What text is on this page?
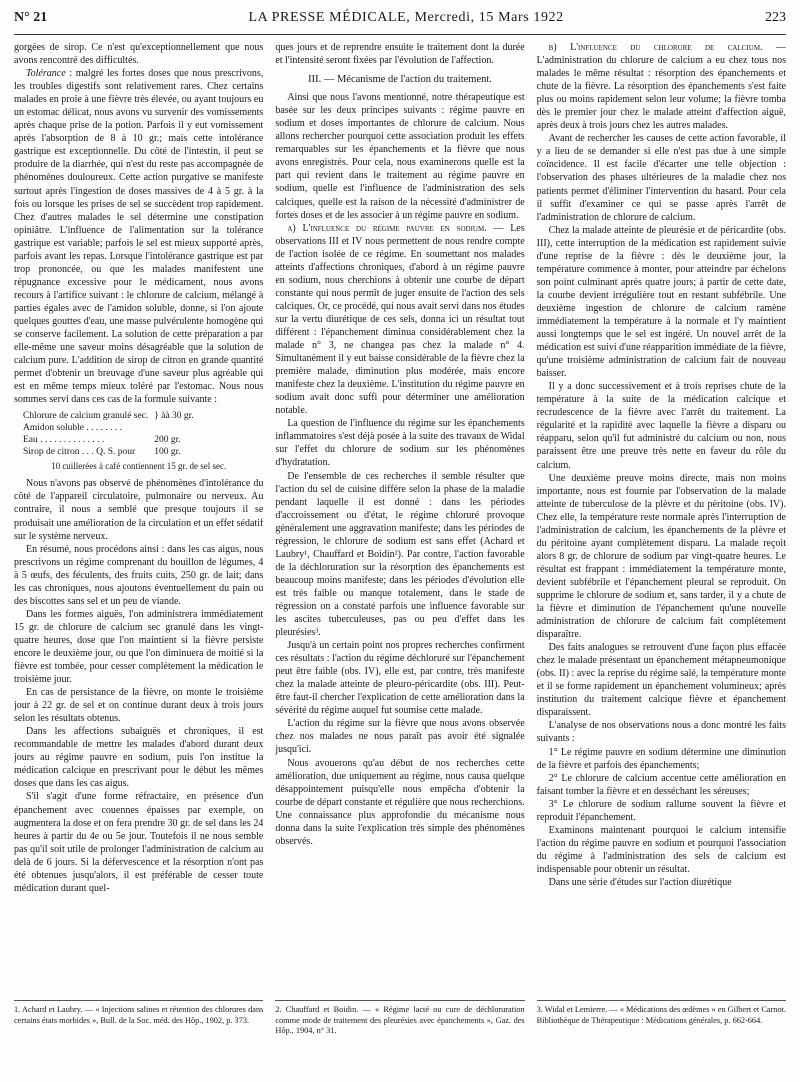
N° 21	LA PRESSE MÉDICALE, Mercredi, 15 Mars 1922	223

gorgées de sirop. Ce n'est qu'exceptionnellement que nous avons rencontré des difficultés.

Tolérance : malgré les fortes doses que nous prescrivons, les troubles digestifs sont relativement rares. Chez certains malades en proie à une fièvre très élevée, ou ayant toujours eu un estomac délicat, nous avons vu survenir des vomissements après chaque prise de la potion. Parfois il y eut vomissement après l'absorption de 8 à 10 gr.; mais cette intolérance gastrique est exceptionnelle. Du côté de l'intestin, il peut se produire de la diarrhée, qui n'est du reste pas accompagnée de phénomènes douloureux. Cette action purgative se manifeste surtout après l'ingestion de doses massives de 4 à 5 gr. à la fois ou lorsque les prises de sel se succèdent trop rapidement. Chez d'autres malades le sel détermine une constipation opiniâtre. L'influence de l'alimentation sur la tolérance gastrique est variable; parfois le sel est mieux supporté après, parfois avant les repas. Lorsque l'intolérance gastrique est par trop prononcée, ou que les malades manifestent une répugnance excessive pour le médicament, nous avons recours à l'artifice suivant : le chlorure de calcium, mélangé à parties égales avec de l'amidon soluble, donne, si l'on ajoute quelques gouttes d'eau, une masse pulvérulente homogène qui se conserve facilement. La solution de cette préparation a par elle-même une saveur moins désagréable que la solution de calcium pure. L'addition de sirop de citron en grande quantité permet d'obtenir un breuvage d'une saveur plus agréable qui est en même temps mieux toléré par l'estomac. Nous nous sommes servi dans ces cas de la formule suivante :

Chlorure de calcium granulé sec.	} àà 30 gr.
Amidon soluble . . . . . . . .	
Eau . . . . . . . . . . . . . .	200 gr.
Sirop de citron . . . Q. S. pour	100 gr.
10 cuillerées à café contiennent 15 gr. de sel sec.

Nous n'avons pas observé de phénomènes d'intolérance du côté de l'appareil circulatoire, pulmonaire ou nerveux. Au contraire, il nous a semblé que presque toujours il se produisait une amélioration de la circulation et un effet sédatif sur le système nerveux.

En résumé, nous procédons ainsi : dans les cas aigus, nous prescrivons un régime comprenant du bouillon de légumes, 4 à 5 œufs, des féculents, des fruits cuits, 250 gr. de lait; dans les cas chroniques, nous ajoutons éventuellement du pain ou des biscottes sans sel et un peu de viande.

Dans les formes aiguës, l'on administrera immédiatement 15 gr. de chlorure de calcium sec granulé dans les vingt-quatre heures, dose que l'on maintient si la fièvre persiste encore le deuxième jour, ou que l'on diminuera de moitié si la fièvre est tombée, pour cesser complètement la médication le troisième jour.

En cas de persistance de la fièvre, on monte le troisième jour à 22 gr. de sel et on continue durant deux à trois jours selon les résultats obtenus.

Dans les affections subaiguës et chroniques, il est recommandable de mettre les malades d'abord durant deux jours au régime pauvre en sodium, puis l'on institue la médication calcique en prescrivant pour le début les mêmes doses que dans les cas aigus.

S'il s'agit d'une forme réfractaire, en présence d'un épanchement avec couennes épaisses par exemple, on augmentera la dose et on fera prendre 30 gr. de sel dans les 24 heures à partir du 4e ou 5e jour. Toutefois il ne nous semble pas qu'il soit utile de prolonger l'administration de calcium au delà de 6 jours. Si la défervescence et la résorption n'ont pas été obtenues jusqu'alors, il est préférable de cesser toute médication durant quel-

ques jours et de reprendre ensuite le traitement dont la durée et l'intensité seront fixées par l'évolution de l'affection.

III. — Mécanisme de l'action du traitement.

Ainsi que nous l'avons mentionné, notre thérapeutique est basée sur les deux principes suivants : régime pauvre en sodium et doses importantes de chlorure de calcium. Nous allons rechercher pourquoi cette association produit les effets remarquables sur les épanchements et la fièvre que nous avons enregistrés. Pour cela, nous examinerons quelle est la part qui revient dans le traitement au régime pauvre en sodium, quelle est l'influence de l'administration des sels calciques, quelle est la raison de la nécessité d'administrer de fortes doses et de les associer à un régime pauvre en sodium.

a) L'influence du régime pauvre en sodium. — Les observations III et IV nous permettent de nous rendre compte de l'action isolée de ce régime. En soumettant nos malades atteints d'affections chroniques, d'abord à un régime pauvre en sodium, nous cherchions à obtenir une courbe de départ constante qui nous permît de juger ensuite de l'action des sels calciques. Or, ce procédé, qui nous avait servi dans nos études sur la vertu diurétique de ces sels, donna ici un résultat tout différent : l'épanchement diminua considérablement chez la malade n° 3, ne changea pas chez la malade n° 4. Simultanément il y eut baisse considérable de la fièvre chez la première malade, diminution plus modérée, mais encore manifeste chez la deuxième. L'institution du régime pauvre en sodium avait donc suffi pour déterminer une amélioration notable.

La question de l'influence du régime sur les épanchements inflammatoires s'est déjà posée à la suite des travaux de Widal sur l'effet du chlorure de sodium sur les phénomènes d'hydratation.

De l'ensemble de ces recherches il semble résulter que l'action du sel de cuisine diffère selon la phase de la maladie pendant laquelle il est donné : dans les périodes d'accroissement ou d'état, le régime chloruré provoque généralement une aggravation manifeste; dans les périodes de régression, le chlorure de sodium est sans effet (Achard et Laubry¹, Chauffard et Boidin²). Par contre, l'action favorable de la déchloruration sur la résorption des épanchements est beaucoup moins manifeste; dans les périodes d'évolution elle est très faible ou manque totalement, dans le stade de régression on a constaté parfois une influence favorable sur les ascites tuberculeuses, pas ou peu d'effet dans les pleurésies³.

Jusqu'à un certain point nos propres recherches confirment ces résultats : l'action du régime déchloruré sur l'épanchement peut être faible (obs. IV), elle est, par contre, très manifeste chez la malade atteinte de pleuro-péricardite (obs. III). Peut-être faut-il chercher l'explication de cette amélioration dans la sévérité du régime auquel fut soumise cette malade.

L'action du régime sur la fièvre que nous avons observée chez nos malades ne nous paraît pas avoir été signalée jusqu'ici.

Nous avouerons qu'au début de nos recherches cette amélioration, due uniquement au régime, nous causa quelque désappointement puisqu'elle nous empêcha d'obtenir la courbe de départ constante et régulière que nous recherchions. Une connaissance plus approfondie du mécanisme nous donna dans la suite l'explication très simple des phénomènes observés.

b) L'influence du chlorure de calcium. — L'administration du chlorure de calcium a eu chez tous nos malades le même résultat : résorption des épanchements et chute de la fièvre. La résorption des épanchements s'est faite plus ou moins rapidement selon leur volume; la fièvre tomba dès le premier jour chez le malade atteint d'affection aiguë, après deux à trois jours chez les autres malades.

Avant de rechercher les causes de cette action favorable, il y a lieu de se demander si elle n'est pas due à une simple coïncidence. Il est facile d'écarter une telle objection : l'observation des phases ultérieures de la maladie chez nos patients permet d'éliminer l'intervention du hasard. Pour cela il suffit d'examiner ce qui se passe après l'arrêt de l'administration de chlorure de calcium.

Chez la malade atteinte de pleurésie et de péricardite (obs. III), cette interruption de la médication est rapidement suivie d'une reprise de la fièvre : dès le deuxième jour, la température commence à monter, pour atteindre par échelons son point culminant après quatre jours; à partir de cette date, la courbe devient irrégulière tout en restant subfébrile. Une deuxième ingestion de chlorure de calcium ramène immédiatement la température à la normale et l'y maintient aussi longtemps que le sel est ingéré. Un nouvel arrêt de la médication est suivi d'une réapparition immédiate de la fièvre, qu'une troisième administration de calcium fait de nouveau baisser.

Il y a donc successivement et à trois reprises chute de la température à la suite de la médication calcique et recrudescence de la fièvre avec l'arrêt du traitement. La régularité et la rapidité avec laquelle la fièvre a disparu ou réapparu, selon qu'il fut administré du calcium ou non, nous paraissent être une preuve très nette en faveur du rôle du calcium.

Une deuxième preuve moins directe, mais non moins importante, nous est fournie par l'observation de la malade atteinte de tuberculose de la plèvre et du péritoine (obs. IV). Chez elle, la température reste normale après l'interruption de l'administration de calcium, les épanchements de la plèvre et du péritoine ayant complètement disparu. La malade reçoit alors 8 gr. de chlorure de sodium par vingt-quatre heures. Le résultat est frappant : immédiatement la température monte, devient subfébrile et l'épanchement pleural se reproduit. On supprime le chlorure de sodium et, sans tarder, il y a chute de la fièvre et diminution de l'épanchement qu'une nouvelle administration de chlorure de calcium fait complètement disparaître.

Des faits analogues se retrouvent d'une façon plus effacée chez le malade présentant un épanchement métapneumonique (obs. II) : avec la reprise du régime salé, la température monte et il se forme rapidement un épanchement volumineux; après institution du traitement calcique fièvre et épanchement disparaissent.

L'analyse de nos observations nous a donc montré les faits suivants :

1° Le régime pauvre en sodium détermine une diminution de la fièvre et parfois des épanchements;

2° Le chlorure de calcium accentue cette amélioration en faisant tomber la fièvre et en desséchant les séreuses;

3° Le chlorure de sodium rallume souvent la fièvre et reproduit l'épanchement.

Examinons maintenant pourquoi le calcium intensifie l'action du régime pauvre en sodium et pourquoi l'association du régime à l'administration des sels de calcium est indispensable pour obtenir un résultat.

Dans une série d'études sur l'action diurétique

1. Achard et Laubry. — « Injections salines et rétention des chlorures dans certains états morbides », Bull. de la Soc. méd. des Hôp., 1902, p. 373.
2. Chauffard et Boidin. — « Régime lacté ou cure de déchloruration comme mode de traitement des pleurésies avec épanchements », Gaz. des Hôp., 1904, n° 31.
3. Widal et Lemierre. — « Médications des œdèmes » en Gilbert et Carnot. Bibliothèque de Thérapeutique : Médications générales, p. 662-664.
